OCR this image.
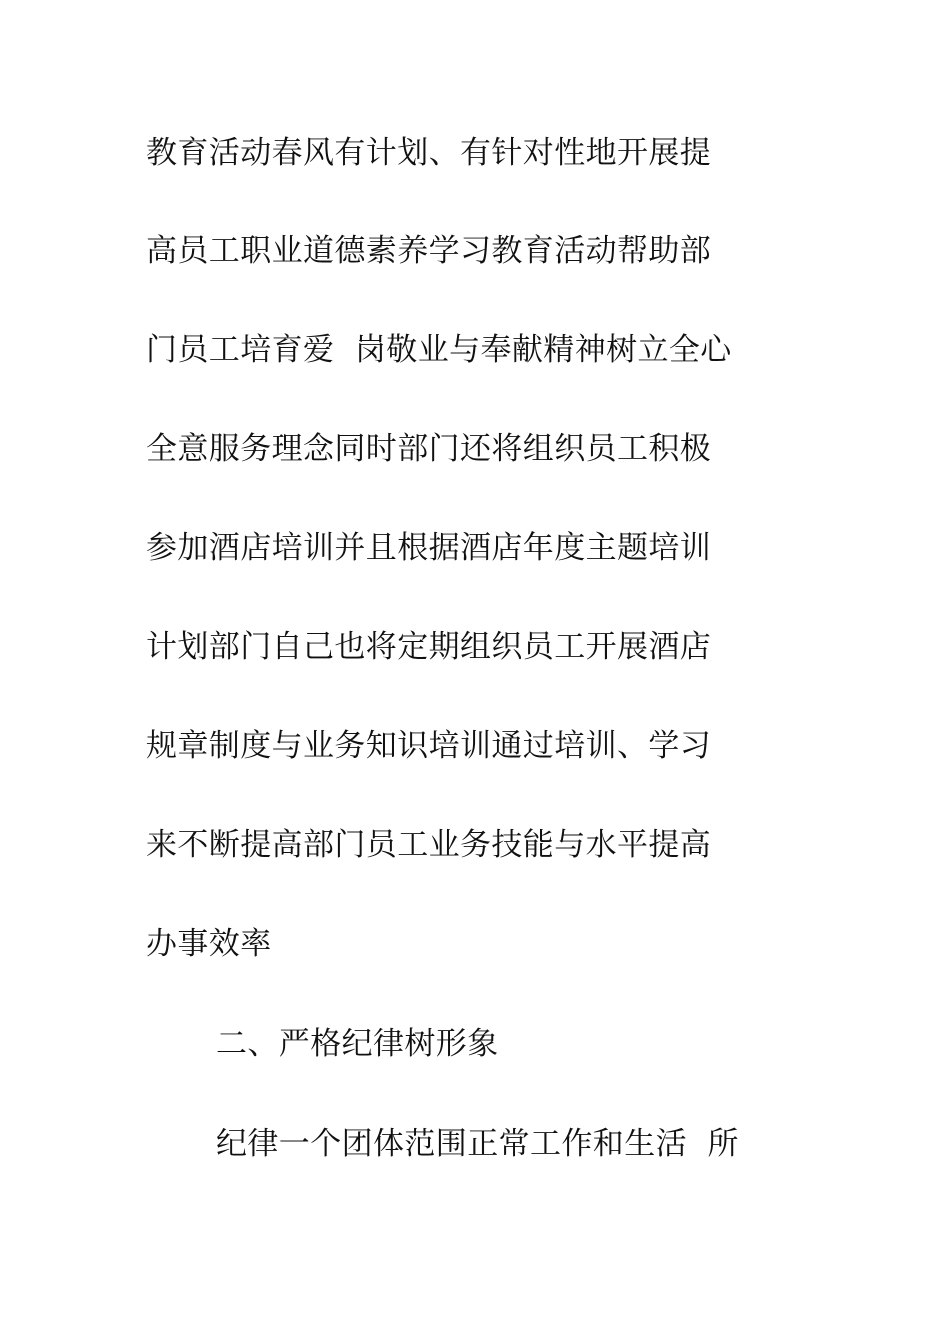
教育活动春风有计划、有针对性地开展提
高员工职业道德素养学习教育活动帮助部
门员工培育爱  岗敬业与奉献精神树立全心
全意服务理念同时部门还将组织员工积极
参加酒店培训并且根据酒店年度主题培训
计划部门自己也将定期组织员工开展酒店
规章制度与业务知识培训通过培训、学习
来不断提高部门员工业务技能与水平提高
办事效率
二、严格纪律树形象
纪律一个团体范围正常工作和生活  所
